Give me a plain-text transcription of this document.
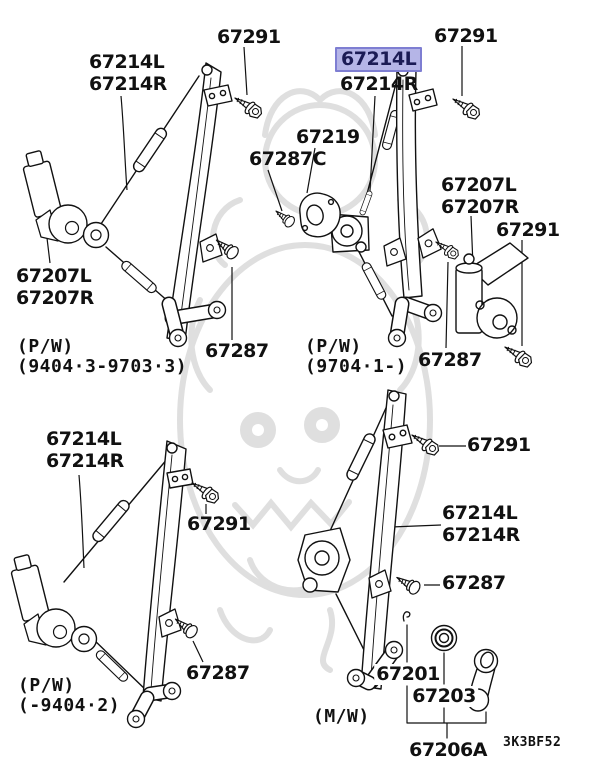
67291
67214L
67214R
67207L
67207R
67287
(P/W)
(9404·3-9703·3)
67291
67214L
67214R
67219
67287C
67207L
67207R
67291
67287
(P/W)
(9704·1-)
67214L
67214R
67291
67287
(P/W)
(-9404·2)
67291
67214L
67214R
67287
(M/W)
67201
67203
67206A 3K3BF52
